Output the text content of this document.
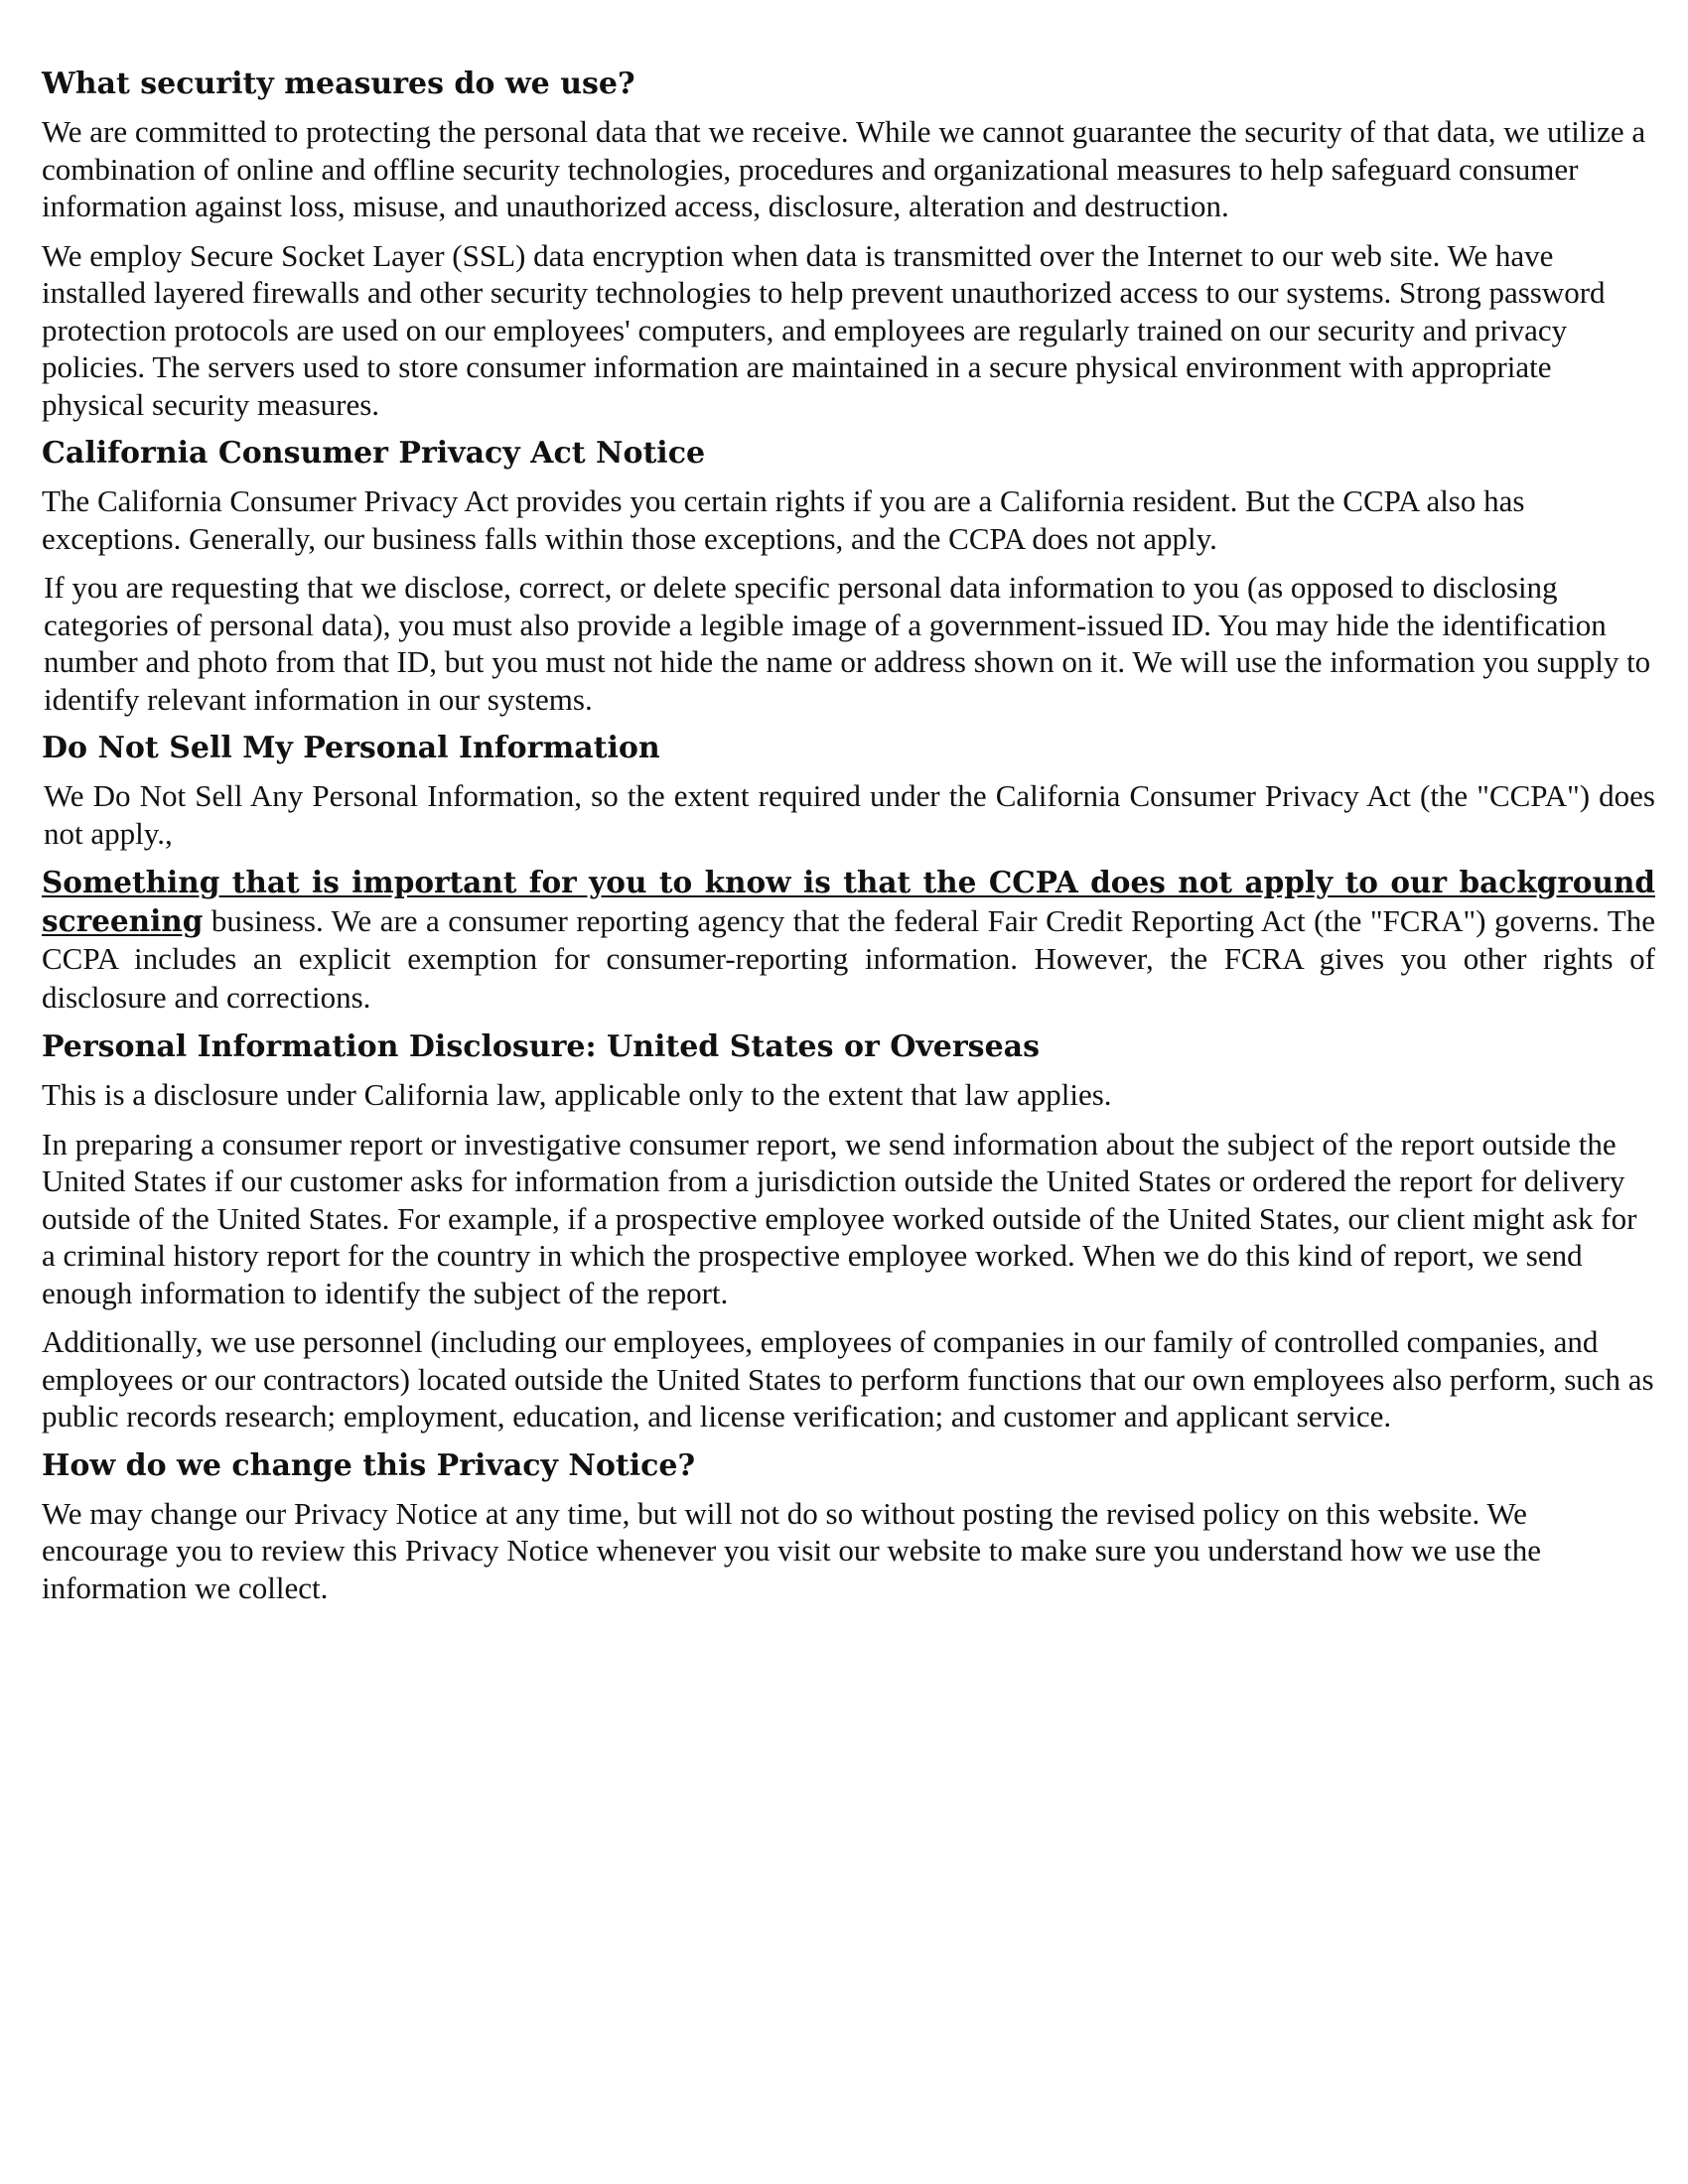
What security measures do we use?

We are committed to protecting the personal data that we receive. While we cannot guarantee the security of that data, we utilize a combination of online and offline security technologies, procedures and organizational measures to help safeguard consumer information against loss, misuse, and unauthorized access, disclosure, alteration and destruction.

We employ Secure Socket Layer (SSL) data encryption when data is transmitted over the Internet to our web site. We have installed layered firewalls and other security technologies to help prevent unauthorized access to our systems. Strong password protection protocols are used on our employees' computers, and employees are regularly trained on our security and privacy policies. The servers used to store consumer information are maintained in a secure physical environment with appropriate physical security measures.

California Consumer Privacy Act Notice

The California Consumer Privacy Act provides you certain rights if you are a California resident. But the CCPA also has exceptions. Generally, our business falls within those exceptions, and the CCPA does not apply.

If you are requesting that we disclose, correct, or delete specific personal data information to you (as opposed to disclosing categories of personal data), you must also provide a legible image of a government-issued ID. You may hide the identification number and photo from that ID, but you must not hide the name or address shown on it. We will use the information you supply to identify relevant information in our systems.

Do Not Sell My Personal Information

We Do Not Sell Any Personal Information, so the extent required under the California Consumer Privacy Act (the "CCPA") does not apply.,

Something that is important for you to know is that the CCPA does not apply to our background screening business. We are a consumer reporting agency that the federal Fair Credit Reporting Act (the "FCRA") governs. The CCPA includes an explicit exemption for consumer-reporting information. However, the FCRA gives you other rights of disclosure and corrections.

Personal Information Disclosure: United States or Overseas

This is a disclosure under California law, applicable only to the extent that law applies.

In preparing a consumer report or investigative consumer report, we send information about the subject of the report outside the United States if our customer asks for information from a jurisdiction outside the United States or ordered the report for delivery outside of the United States. For example, if a prospective employee worked outside of the United States, our client might ask for a criminal history report for the country in which the prospective employee worked. When we do this kind of report, we send enough information to identify the subject of the report.

Additionally, we use personnel (including our employees, employees of companies in our family of controlled companies, and employees or our contractors) located outside the United States to perform functions that our own employees also perform, such as public records research; employment, education, and license verification; and customer and applicant service.

How do we change this Privacy Notice?

We may change our Privacy Notice at any time, but will not do so without posting the revised policy on this website. We encourage you to review this Privacy Notice whenever you visit our website to make sure you understand how we use the information we collect.
